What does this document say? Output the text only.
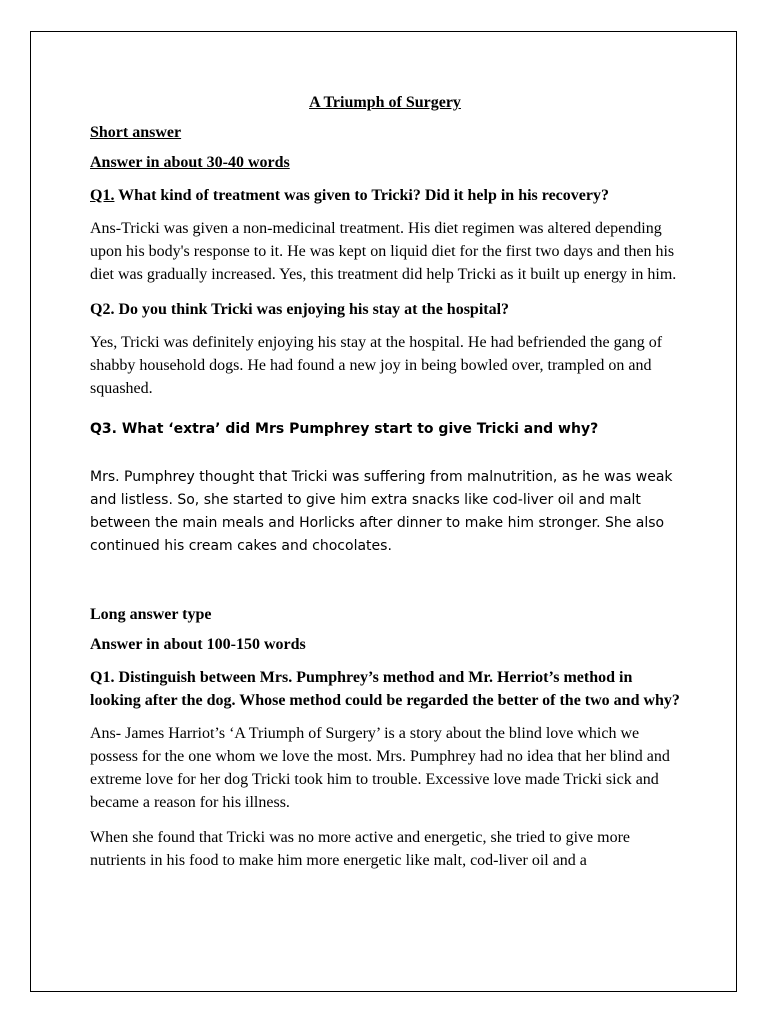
A Triumph of Surgery
Short answer
Answer in about 30-40 words
Q1. What kind of treatment was given to Tricki? Did it help in his recovery?
Ans-Tricki was given a non-medicinal treatment. His diet regimen was altered depending upon his body's response to it. He was kept on liquid diet for the first two days and then his diet was gradually increased. Yes, this treatment did help Tricki as it built up energy in him.
Q2. Do you think Tricki was enjoying his stay at the hospital?
Yes, Tricki was definitely enjoying his stay at the hospital. He had befriended the gang of shabby household dogs. He had found a new joy in being bowled over, trampled on and squashed.
Q3. What ‘extra’ did Mrs Pumphrey start to give Tricki and why?
Mrs. Pumphrey thought that Tricki was suffering from malnutrition, as he was weak and listless. So, she started to give him extra snacks like cod-liver oil and malt between the main meals and Horlicks after dinner to make him stronger. She also continued his cream cakes and chocolates.
Long answer type
Answer in about 100-150 words
Q1. Distinguish between Mrs. Pumphrey’s method and Mr. Herriot’s method in looking after the dog. Whose method could be regarded the better of the two and why?
Ans- James Harriot’s ‘A Triumph of Surgery’ is a story about the blind love which we possess for the one whom we love the most. Mrs. Pumphrey had no idea that her blind and extreme love for her dog Tricki took him to trouble. Excessive love made Tricki sick and became a reason for his illness.
When she found that Tricki was no more active and energetic, she tried to give more nutrients in his food to make him more energetic like malt, cod-liver oil and a
